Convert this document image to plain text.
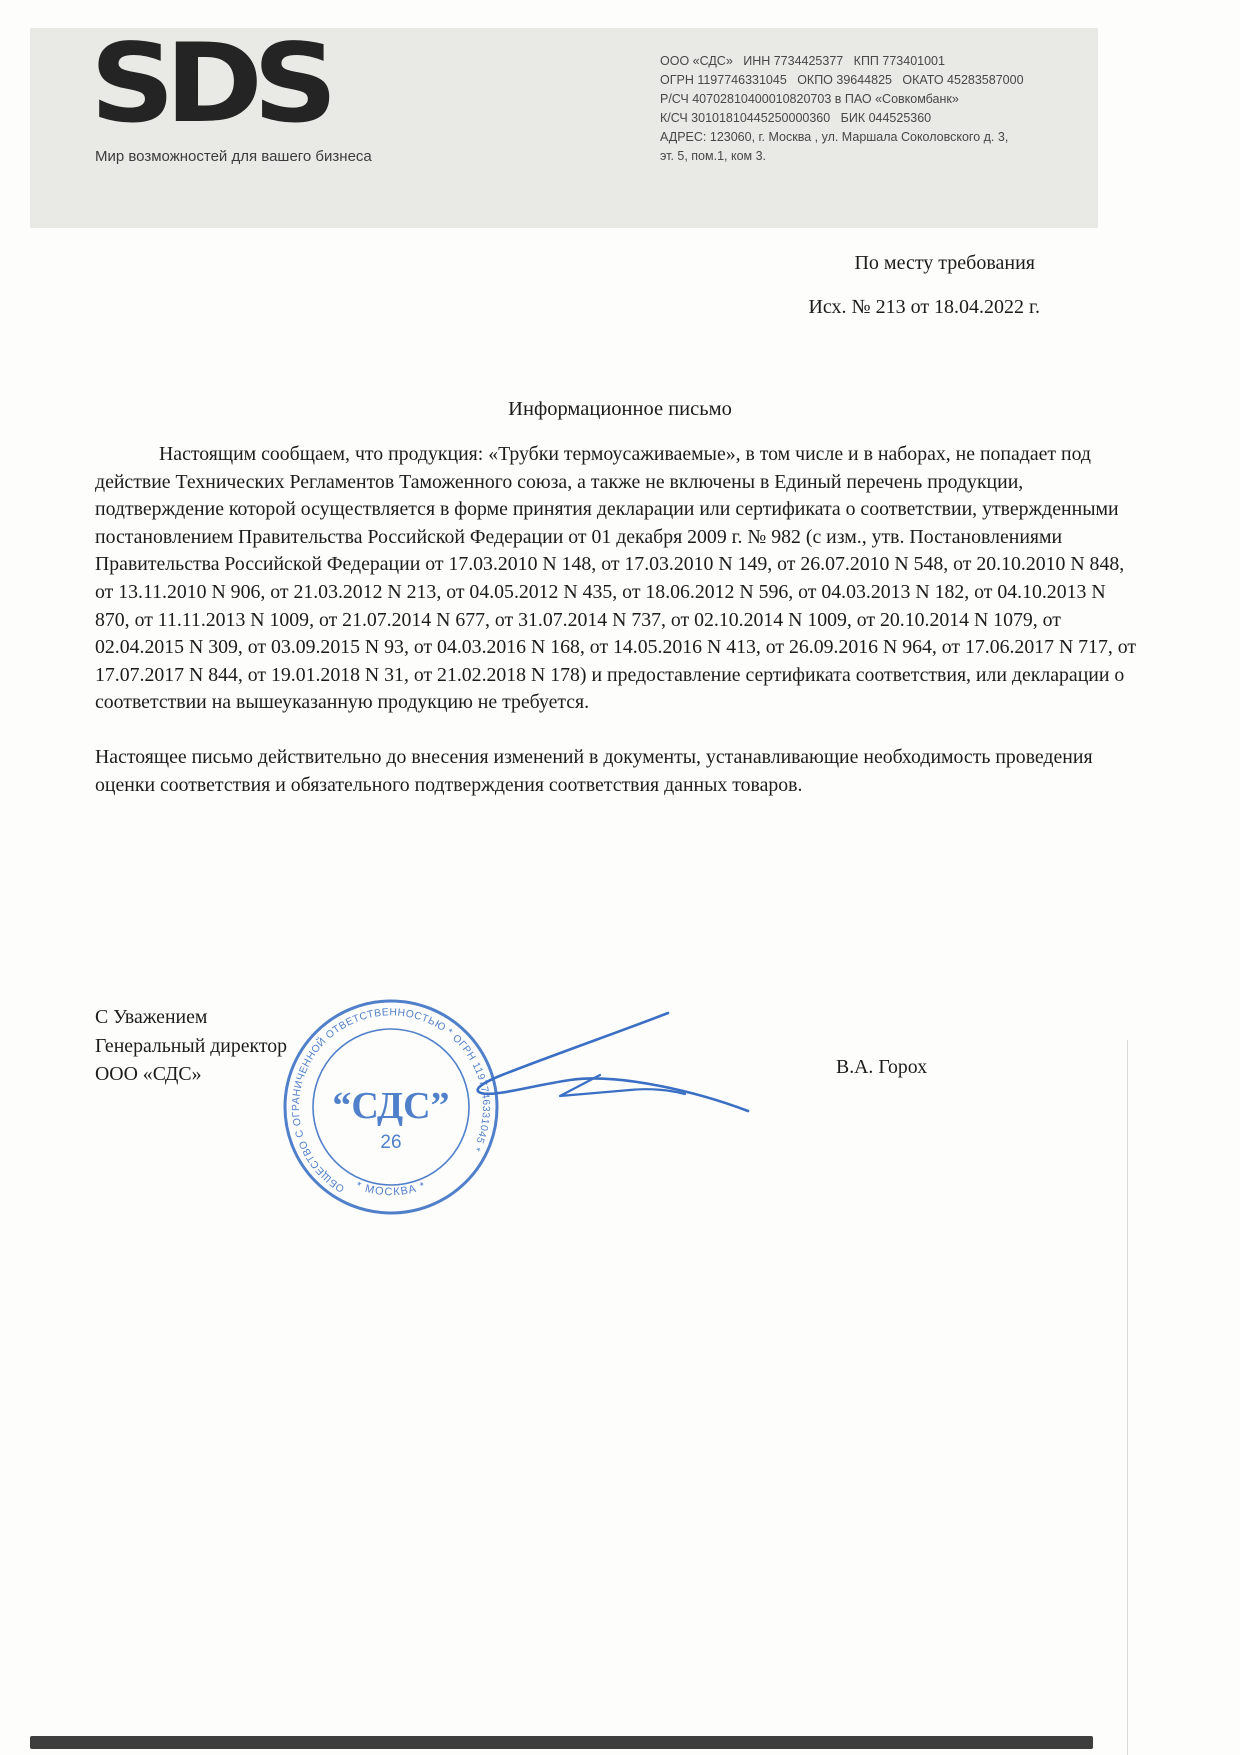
SDS
Мир возможностей для вашего бизнеса
ООО «СДС»   ИНН 7734425377   КПП 773401001
ОГРН 1197746331045   ОКПО 39644825   ОКАТО 45283587000
Р/СЧ 40702810400010820703 в ПАО «Совкомбанк»
К/СЧ 30101810445250000360   БИК 044525360
АДРЕС: 123060, г. Москва , ул. Маршала Соколовского д. 3,
эт. 5, пом.1, ком 3.
По месту требования
Исх. № 213 от 18.04.2022 г.
Информационное письмо

Настоящим сообщаем, что продукция: «Трубки термоусаживаемые», в том числе и в наборах, не попадает под действие Технических Регламентов Таможенного союза, а также не включены в Единый перечень продукции, подтверждение которой осуществляется в форме принятия декларации или сертификата о соответствии, утвержденными постановлением Правительства Российской Федерации от 01 декабря 2009 г. № 982 (с изм., утв. Постановлениями Правительства Российской Федерации от 17.03.2010 N 148, от 17.03.2010 N 149, от 26.07.2010 N 548, от 20.10.2010 N 848, от 13.11.2010 N 906, от 21.03.2012 N 213, от 04.05.2012 N 435, от 18.06.2012 N 596, от 04.03.2013 N 182, от 04.10.2013 N 870, от 11.11.2013 N 1009, от 21.07.2014 N 677, от 31.07.2014 N 737, от 02.10.2014 N 1009, от 20.10.2014 N 1079, от 02.04.2015 N 309, от 03.09.2015 N 93, от 04.03.2016 N 168, от 14.05.2016 N 413, от 26.09.2016 N 964, от 17.06.2017 N 717, от 17.07.2017 N 844, от 19.01.2018 N 31, от 21.02.2018 N 178) и предоставление сертификата соответствия, или декларации о соответствии на вышеуказанную продукцию не требуется.

Настоящее письмо действительно до внесения изменений в документы, устанавливающие необходимость проведения оценки соответствия и обязательного подтверждения соответствия данных товаров.

С Уважением
Генеральный директор
ООО «СДС»	В.А. Горох
ОБЩЕСТВО С ОГРАНИЧЕННОЙ ОТВЕТСТВЕННОСТЬЮ * ОГРН 1197746331045 *
* МОСКВА *
“СДС”
26
